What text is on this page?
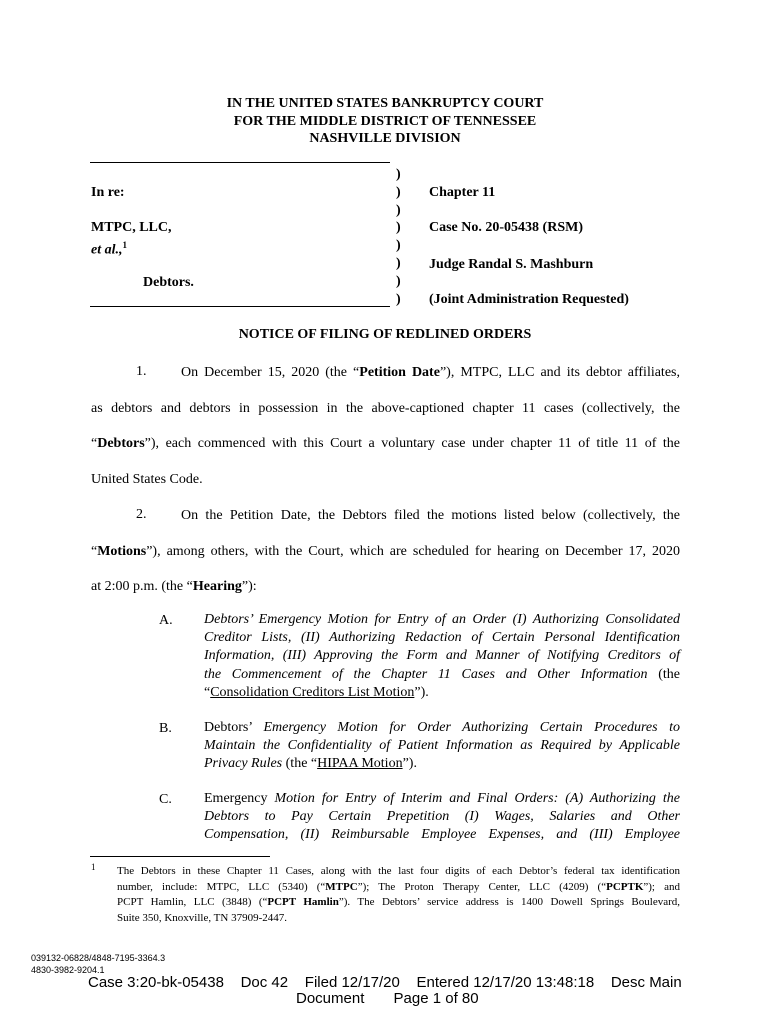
IN THE UNITED STATES BANKRUPTCY COURT
FOR THE MIDDLE DISTRICT OF TENNESSEE
NASHVILLE DIVISION
In re:
MTPC, LLC,
et al.,$^1$
Debtors.
)
)
)
)
)
)
)
)
Chapter 11
Case No. 20-05438 (RSM)
Judge Randal S. Mashburn
(Joint Administration Requested)
NOTICE OF FILING OF REDLINED ORDERS
1. On December 15, 2020 (the “Petition Date”), MTPC, LLC and its debtor affiliates,
as debtors and debtors in possession in the above-captioned chapter 11 cases (collectively, the
“Debtors”), each commenced with this Court a voluntary case under chapter 11 of title 11 of the
United States Code.
2. On the Petition Date, the Debtors filed the motions listed below (collectively, the
“Motions”), among others, with the Court, which are scheduled for hearing on December 17, 2020
at 2:00 p.m. (the “Hearing”):
A. Debtors’ Emergency Motion for Entry of an Order (I) Authorizing Consolidated
Creditor Lists, (II) Authorizing Redaction of Certain Personal Identification
Information, (III) Approving the Form and Manner of Notifying Creditors of
the Commencement of the Chapter 11 Cases and Other Information (the
“Consolidation Creditors List Motion”).
B. Debtors’ Emergency Motion for Order Authorizing Certain Procedures to
Maintain the Confidentiality of Patient Information as Required by Applicable
Privacy Rules (the “HIPAA Motion”).
C. Emergency Motion for Entry of Interim and Final Orders: (A) Authorizing the
Debtors to Pay Certain Prepetition (I) Wages, Salaries and Other
Compensation, (II) Reimbursable Employee Expenses, and (III) Employee
1 The Debtors in these Chapter 11 Cases, along with the last four digits of each Debtor’s federal tax identification
number, include: MTPC, LLC (5340) (“MTPC”); The Proton Therapy Center, LLC (4209) (“PCPTK”); and
PCPT Hamlin, LLC (3848) (“PCPT Hamlin”). The Debtors’ service address is 1400 Dowell Springs Boulevard,
Suite 350, Knoxville, TN 37909-2447.
039132-06828/4848-7195-3364.3
4830-3982-9204.1
Case 3:20-bk-05438    Doc 42    Filed 12/17/20    Entered 12/17/20 13:48:18    Desc Main
Document       Page 1 of 80
